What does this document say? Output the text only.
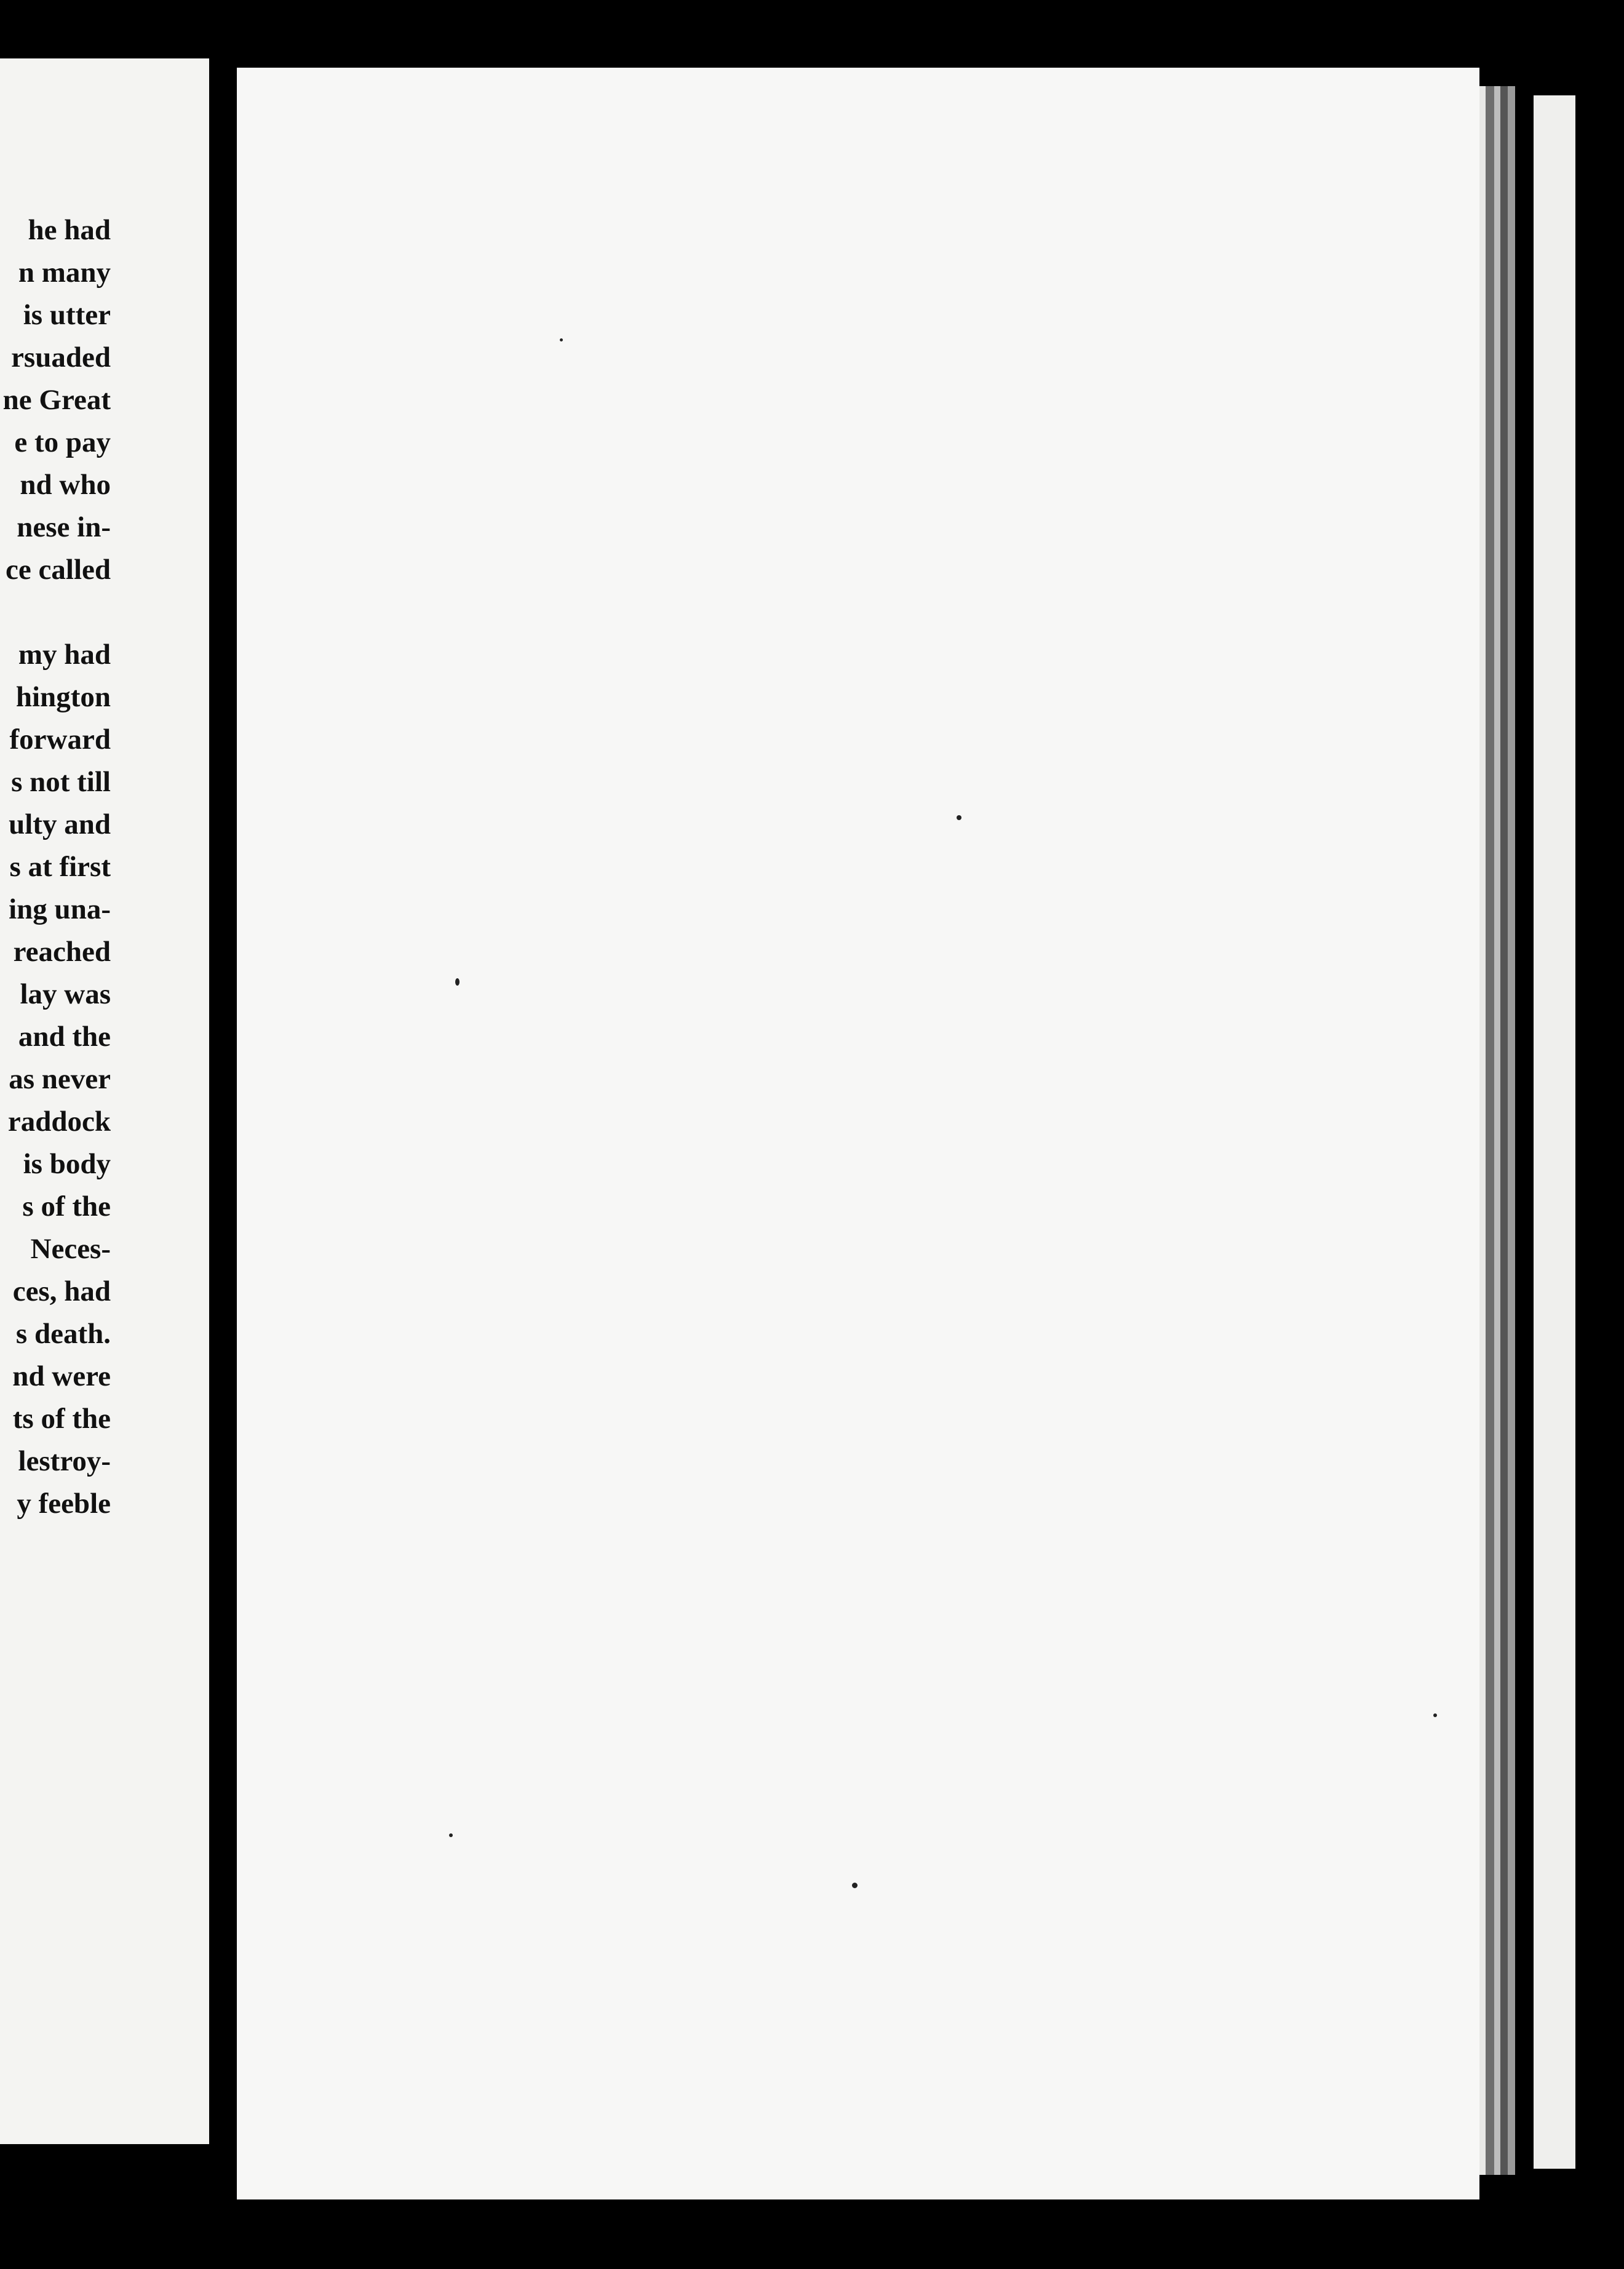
he had
n many
is utter
rsuaded
ne Great
e to pay
nd who
nese in-
ce called
my had
hington
forward
s not till
ulty and
s at first
ing una-
reached
lay was
and the
as never
raddock
is body
s of the
Neces-
ces, had
s death.
nd were
ts of the
lestroy-
y feeble
